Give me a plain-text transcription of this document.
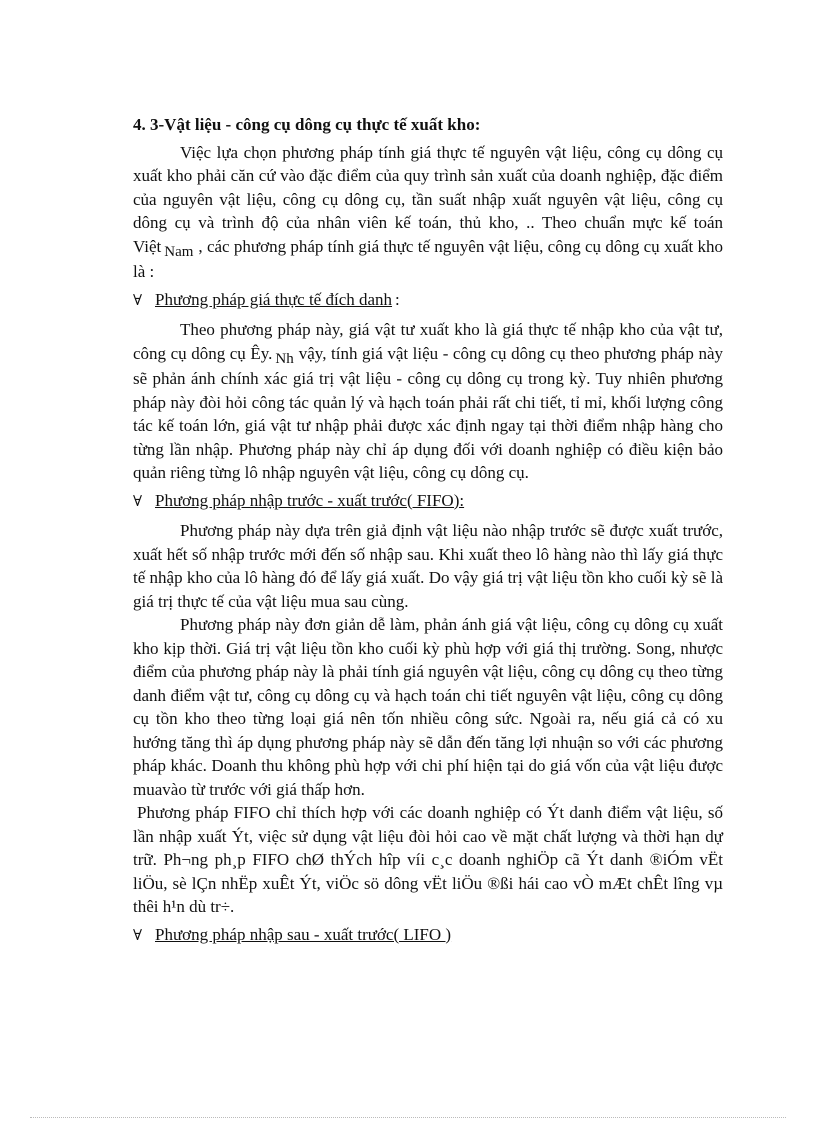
4. 3-Vật liệu - công cụ dông cụ thực tế xuất kho:

Việc lựa chọn phương pháp tính giá thực tế nguyên vật liệu, công cụ dông cụ xuất kho phải căn cứ vào đặc điểm của quy trình sản xuất của doanh nghiệp, đặc điểm của nguyên vật liệu, công cụ dông cụ, tần suất nhập xuất nguyên vật liệu, công cụ dông cụ và trình độ của nhân viên kế toán, thủ kho, .. Theo chuẩn mực kế toán Việt Nam , các phương pháp tính giá thực tế nguyên vật liệu, công cụ dông cụ xuất kho là :

∀ Phương pháp giá thực tế đích danh :

Theo phương pháp này, giá vật tư xuất kho là giá thực tế nhập kho của vật tư, công cụ dông cụ Êy. Nh vậy, tính giá vật liệu - công cụ dông cụ theo phương pháp này sẽ phản ánh chính xác giá trị vật liệu - công cụ dông cụ trong kỳ. Tuy nhiên phương pháp này đòi hỏi công tác quản lý và hạch toán phải rất chi tiết, tỉ mỉ, khối lượng công tác kế toán lớn, giá vật tư nhập phải được xác định ngay tại thời điểm nhập hàng cho từng lần nhập. Phương pháp này chỉ áp dụng đối với doanh nghiệp có điều kiện bảo quản riêng từng lô nhập nguyên vật liệu, công cụ dông cụ.

∀ Phương pháp nhập trước - xuất trước( FIFO):

Phương pháp này dựa trên giả định vật liệu nào nhập trước sẽ được xuất trước, xuất hết số nhập trước mới đến số nhập sau. Khi xuất theo lô hàng nào thì lấy giá thực tế nhập kho của lô hàng đó để lấy giá xuất. Do vậy giá trị vật liệu tồn kho cuối kỳ sẽ là giá trị thực tế của vật liệu mua sau cùng.

Phương pháp này đơn giản dễ làm, phản ánh giá vật liệu, công cụ dông cụ xuất kho kịp thời. Giá trị vật liệu tồn kho cuối kỳ phù hợp với giá thị trường. Song, nhược điểm của phương pháp này là phải tính giá nguyên vật liệu, công cụ dông cụ theo từng danh điểm vật tư, công cụ dông cụ và hạch toán chi tiết nguyên vật liệu, công cụ dông cụ tồn kho theo từng loại giá nên tốn nhiều công sức. Ngoài ra, nếu giá cả có xu hướng tăng thì áp dụng phương pháp này sẽ dẫn đến tăng lợi nhuận so với các phương pháp khác. Doanh thu không phù hợp với chi phí hiện tại do giá vốn của vật liệu được muavào từ trước với giá thấp hơn.

Phương pháp FIFO chỉ thích hợp với các doanh nghiệp có Ýt danh điểm vật liệu, số lần nhập xuất Ýt, việc sử dụng vật liệu đòi hỏi cao về mặt chất lượng và thời hạn dự trữ. Ph¬ng ph¸p FIFO chØ thÝch hîp víi c¸c doanh nghiÖp cã Ýt danh ®iÓm vËt liÖu, sè lÇn nhËp xuÊt Ýt, viÖc sö dông vËt liÖu ®ßi hái cao vÒ mÆt chÊt lîng vµ thêi h¹n dù tr÷.

∀ Phương pháp nhập sau - xuất trước( LIFO )
